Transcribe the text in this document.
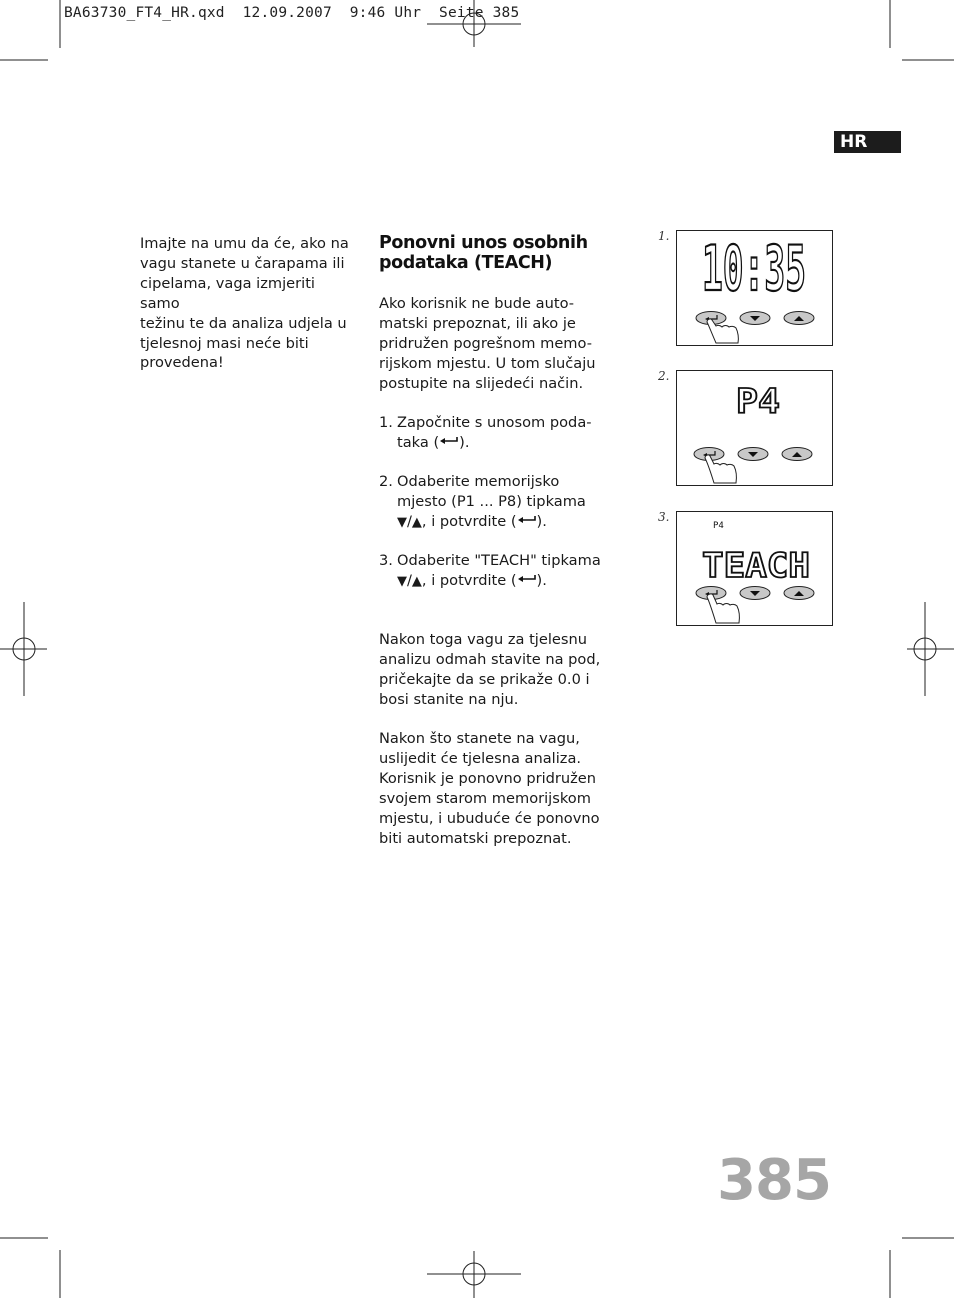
BA63730_FT4_HR.qxd  12.09.2007  9:46 Uhr  Seite 385
HR
Imajte na umu da će, ako na
vagu stanete u čarapama ili
cipelama, vaga izmjeriti samo
težinu te da analiza udjela u
tjelesnoj masi neće biti
provedena!
Ponovni unos osobnih podataka (TEACH)
Ako korisnik ne bude auto-
matski prepoznat, ili ako je
pridružen pogrešnom memo-
rijskom mjestu. U tom slučaju
postupite na slijedeći način.
1. Započnite s unosom poda-
taka ( ).
2. Odaberite memorijsko
mjesto (P1 ... P8) tipkama
▼/▲, i potvrdite ( ).
3. Odaberite "TEACH" tipkama
▼/▲, i potvrdite ( ).
Nakon toga vagu za tjelesnu
analizu odmah stavite na pod,
pričekajte da se prikaže 0.0 i
bosi stanite na nju.
Nakon što stanete na vagu,
uslijedit će tjelesna analiza.
Korisnik je ponovno pridružen
svojem starom memorijskom
mjestu, i ubuduće će ponovno
biti automatski prepoznat.
1.
2.
3.
10:35
P4
P4
TEACH
385
